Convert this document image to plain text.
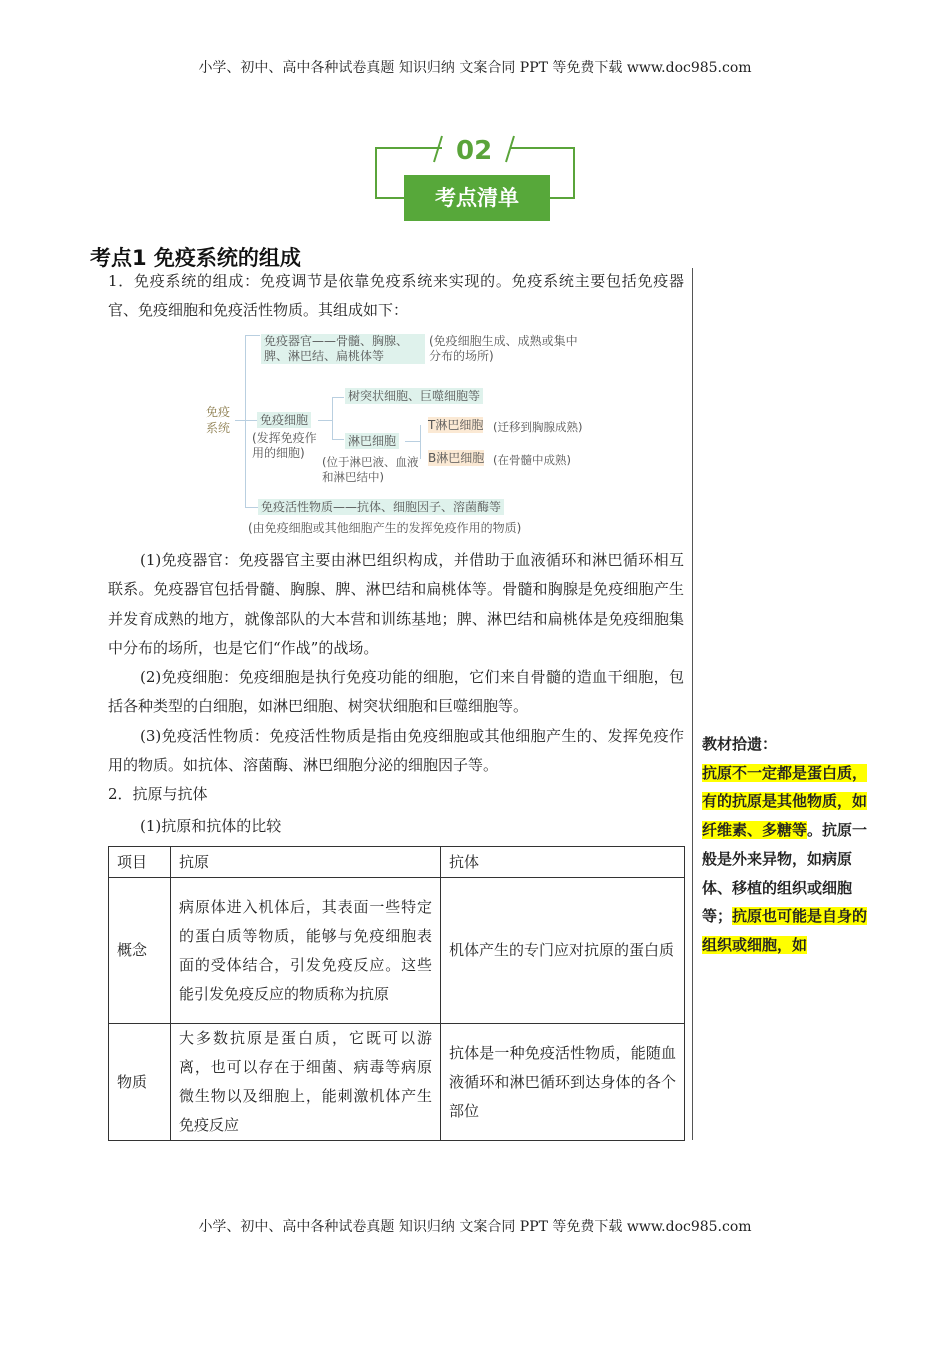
小学、初中、高中各种试卷真题 知识归纳 文案合同 PPT 等免费下载 www.doc985.com
02
考点清单
考点1 免疫系统的组成

1．免疫系统的组成：免疫调节是依靠免疫系统来实现的。免疫系统主要包括免疫器官、免疫细胞和免疫活性物质。其组成如下：

免疫系统
免疫器官——骨髓、胸腺、脾、淋巴结、扁桃体等
(免疫细胞生成、成熟或集中分布的场所)
免疫细胞
(发挥免疫作用的细胞)
树突状细胞、巨噬细胞等
淋巴细胞
(位于淋巴液、血液和淋巴结中)
T淋巴细胞 (迁移到胸腺成熟)
B淋巴细胞 (在骨髓中成熟)
免疫活性物质——抗体、细胞因子、溶菌酶等
(由免疫细胞或其他细胞产生的发挥免疫作用的物质)

(1)免疫器官：免疫器官主要由淋巴组织构成，并借助于血液循环和淋巴循环相互联系。免疫器官包括骨髓、胸腺、脾、淋巴结和扁桃体等。骨髓和胸腺是免疫细胞产生并发育成熟的地方，就像部队的大本营和训练基地；脾、淋巴结和扁桃体是免疫细胞集中分布的场所，也是它们“作战”的战场。

(2)免疫细胞：免疫细胞是执行免疫功能的细胞，它们来自骨髓的造血干细胞，包括各种类型的白细胞，如淋巴细胞、树突状细胞和巨噬细胞等。

(3)免疫活性物质：免疫活性物质是指由免疫细胞或其他细胞产生的、发挥免疫作用的物质。如抗体、溶菌酶、淋巴细胞分泌的细胞因子等。

2．抗原与抗体

(1)抗原和抗体的比较

项目	抗原	抗体
概念	病原体进入机体后，其表面一些特定的蛋白质等物质，能够与免疫细胞表面的受体结合，引发免疫反应。这些能引发免疫反应的物质称为抗原	机体产生的专门应对抗原的蛋白质
物质	大多数抗原是蛋白质，它既可以游离，也可以存在于细菌、病毒等病原微生物以及细胞上，能刺激机体产生免疫反应	抗体是一种免疫活性物质，能随血液循环和淋巴循环到达身体的各个部位
教材拾遗：
抗原不一定都是蛋白质，有的抗原是其他物质，如纤维素、多糖等。抗原一般是外来异物，如病原体、移植的组织或细胞等；抗原也可能是自身的组织或细胞，如
小学、初中、高中各种试卷真题 知识归纳 文案合同 PPT 等免费下载 www.doc985.com
